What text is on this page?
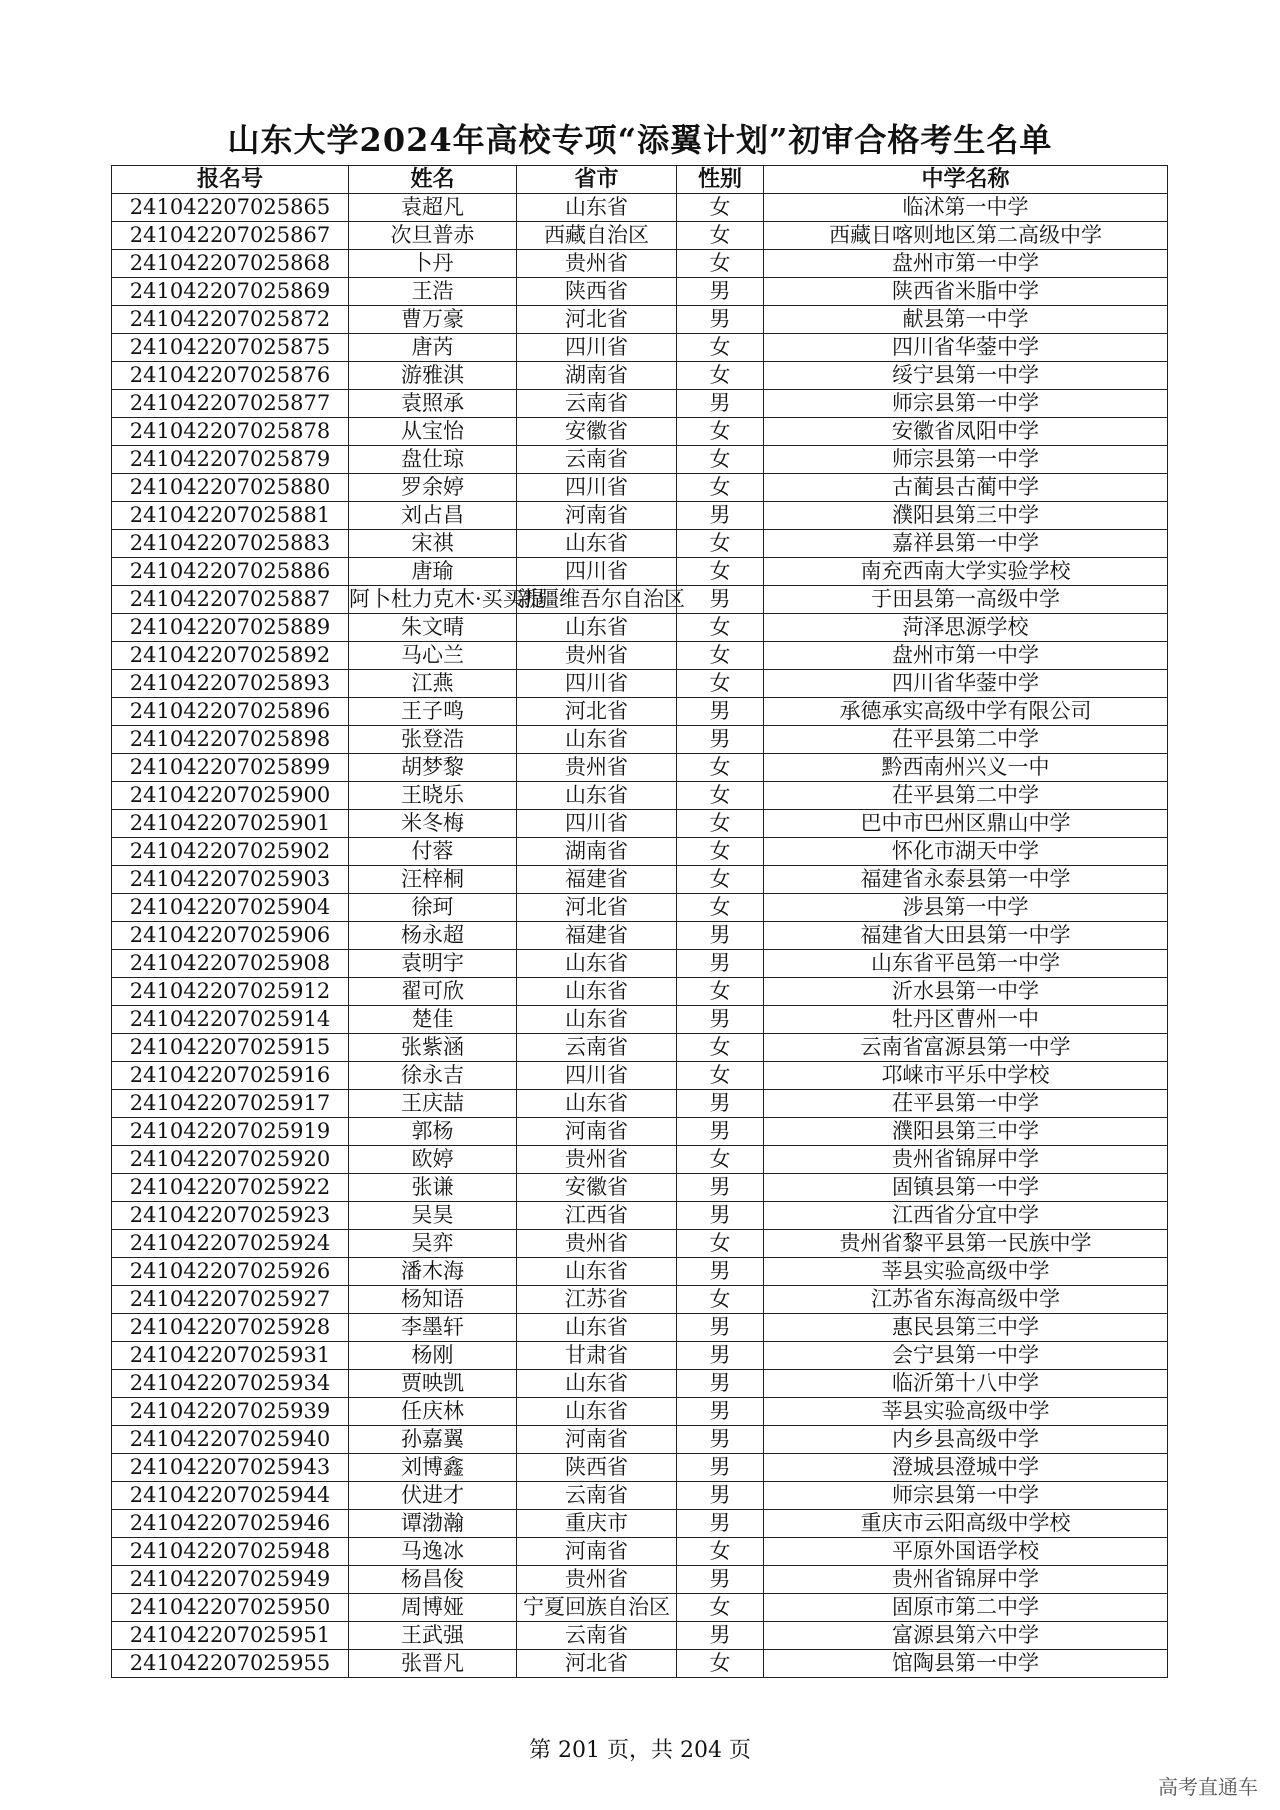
山东大学2024年高校专项“添翼计划”初审合格考生名单
报名号	姓名	省市	性别	中学名称
241042207025865	袁超凡	山东省	女	临沭第一中学
241042207025867	次旦普赤	西藏自治区	女	西藏日喀则地区第二高级中学
241042207025868	卜丹	贵州省	女	盘州市第一中学
241042207025869	王浩	陕西省	男	陕西省米脂中学
241042207025872	曹万豪	河北省	男	献县第一中学
241042207025875	唐芮	四川省	女	四川省华蓥中学
241042207025876	游雅淇	湖南省	女	绥宁县第一中学
241042207025877	袁照承	云南省	男	师宗县第一中学
241042207025878	从宝怡	安徽省	女	安徽省凤阳中学
241042207025879	盘仕琼	云南省	女	师宗县第一中学
241042207025880	罗余婷	四川省	女	古蔺县古蔺中学
241042207025881	刘占昌	河南省	男	濮阳县第三中学
241042207025883	宋祺	山东省	女	嘉祥县第一中学
241042207025886	唐瑜	四川省	女	南充西南大学实验学校
241042207025887	阿卜杜力克木·买买提	新疆维吾尔自治区	男	于田县第一高级中学
241042207025889	朱文晴	山东省	女	菏泽思源学校
241042207025892	马心兰	贵州省	女	盘州市第一中学
241042207025893	江燕	四川省	女	四川省华蓥中学
241042207025896	王子鸣	河北省	男	承德承实高级中学有限公司
241042207025898	张登浩	山东省	男	茌平县第二中学
241042207025899	胡梦黎	贵州省	女	黔西南州兴义一中
241042207025900	王晓乐	山东省	女	茌平县第二中学
241042207025901	米冬梅	四川省	女	巴中市巴州区鼎山中学
241042207025902	付蓉	湖南省	女	怀化市湖天中学
241042207025903	汪梓桐	福建省	女	福建省永泰县第一中学
241042207025904	徐珂	河北省	女	涉县第一中学
241042207025906	杨永超	福建省	男	福建省大田县第一中学
241042207025908	袁明宇	山东省	男	山东省平邑第一中学
241042207025912	翟可欣	山东省	女	沂水县第一中学
241042207025914	楚佳	山东省	男	牡丹区曹州一中
241042207025915	张紫涵	云南省	女	云南省富源县第一中学
241042207025916	徐永吉	四川省	女	邛崃市平乐中学校
241042207025917	王庆喆	山东省	男	茌平县第一中学
241042207025919	郭杨	河南省	男	濮阳县第三中学
241042207025920	欧婷	贵州省	女	贵州省锦屏中学
241042207025922	张谦	安徽省	男	固镇县第一中学
241042207025923	吴昊	江西省	男	江西省分宜中学
241042207025924	吴弈	贵州省	女	贵州省黎平县第一民族中学
241042207025926	潘木海	山东省	男	莘县实验高级中学
241042207025927	杨知语	江苏省	女	江苏省东海高级中学
241042207025928	李墨轩	山东省	男	惠民县第三中学
241042207025931	杨刚	甘肃省	男	会宁县第一中学
241042207025934	贾映凯	山东省	男	临沂第十八中学
241042207025939	任庆林	山东省	男	莘县实验高级中学
241042207025940	孙嘉翼	河南省	男	内乡县高级中学
241042207025943	刘博鑫	陕西省	男	澄城县澄城中学
241042207025944	伏进才	云南省	男	师宗县第一中学
241042207025946	谭渤瀚	重庆市	男	重庆市云阳高级中学校
241042207025948	马逸冰	河南省	女	平原外国语学校
241042207025949	杨昌俊	贵州省	男	贵州省锦屏中学
241042207025950	周博娅	宁夏回族自治区	女	固原市第二中学
241042207025951	王武强	云南省	男	富源县第六中学
241042207025955	张晋凡	河北省	女	馆陶县第一中学
第 201 页，共 204 页
高考直通车
